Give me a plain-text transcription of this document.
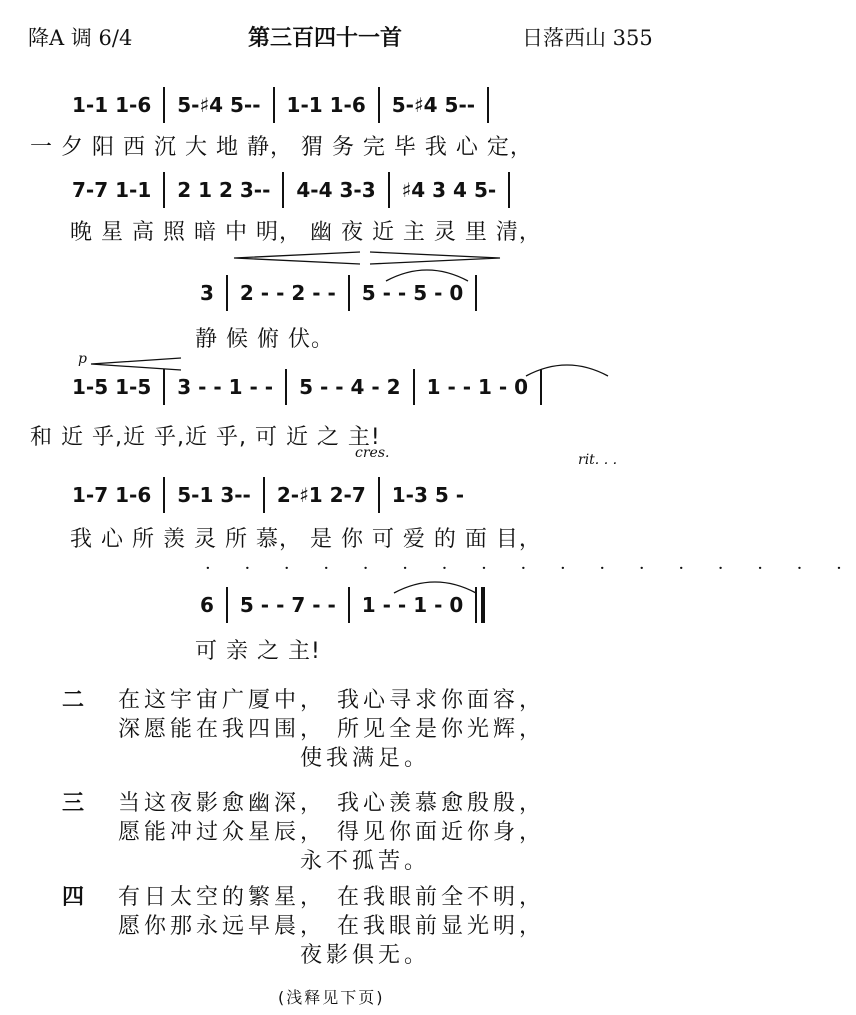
降A 调 6/4	第三百四十一首	日落西山 355
1-1 1-6 5-♯4 5-- 1-1 1-6 5-♯4 5--
一 夕 阳 西 沉 大 地 静， 猬 务 完 毕 我 心 定，
7-7 1-1 2 1 2 3-- 4-4 3-3 ♯4 3 4 5-
晚 星 高 照 暗 中 明， 幽 夜 近 主 灵 里 清，
3 2 - - 2 - - 5 - - 5 - 0
静 候 俯 伏。
p
1-5 1-5 3 - - 1 - - 5 - - 4 - 2 1 - - 1 - 0
和 近 乎,近 乎,近 乎, 可 近 之 主!
cres.	rit. . .
1-7 1-6 5-1 3-- 2-♯1 2-7 1-3 5 -
我 心 所 羡 灵 所 慕， 是 你 可 爱 的 面 目，
· · · · · · · · · · · · · · · · ·
6 5 - - 7 - - 1 - - 1 - 0
可 亲 之 主!
二 在这宇宙广厦中， 我心寻求你面容，
深愿能在我四围， 所见全是你光辉，
使我满足。
三 当这夜影愈幽深， 我心羡慕愈殷殷，
愿能冲过众星辰， 得见你面近你身，
永不孤苦。
四 有日太空的繁星， 在我眼前全不明，
愿你那永远早晨， 在我眼前显光明，
夜影俱无。
(浅释见下页)
